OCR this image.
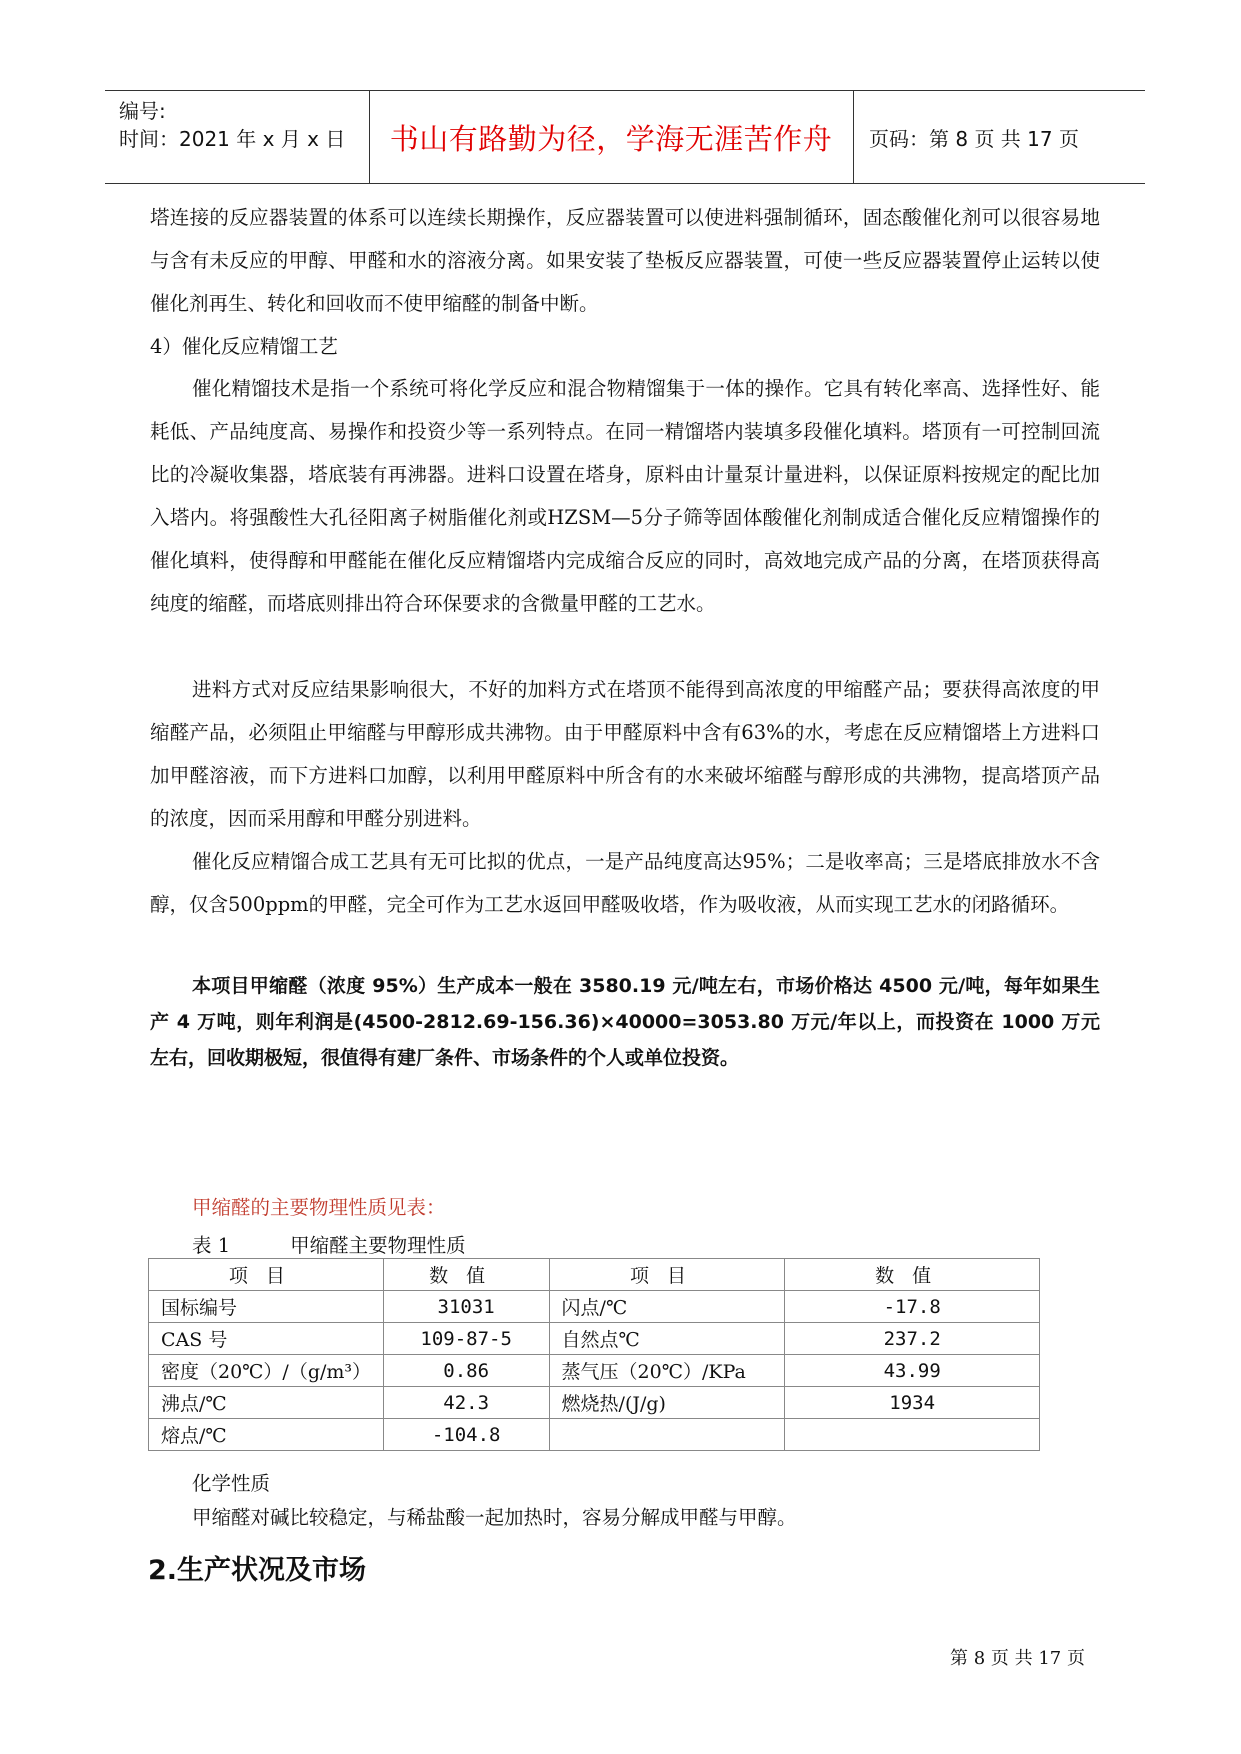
编号:
时间：2021 年 x 月 x 日	书山有路勤为径，学海无涯苦作舟	页码：第 8 页 共 17 页

塔连接的反应器装置的体系可以连续长期操作，反应器装置可以使进料强制循环，固态酸催化剂可以很容易地与含有未反应的甲醇、甲醛和水的溶液分离。如果安装了垫板反应器装置，可使一些反应器装置停止运转以使催化剂再生、转化和回收而不使甲缩醛的制备中断。

4）催化反应精馏工艺

催化精馏技术是指一个系统可将化学反应和混合物精馏集于一体的操作。它具有转化率高、选择性好、能耗低、产品纯度高、易操作和投资少等一系列特点。在同一精馏塔内装填多段催化填料。塔顶有一可控制回流比的冷凝收集器，塔底装有再沸器。进料口设置在塔身，原料由计量泵计量进料，以保证原料按规定的配比加入塔内。将强酸性大孔径阳离子树脂催化剂或HZSM—5分子筛等固体酸催化剂制成适合催化反应精馏操作的催化填料，使得醇和甲醛能在催化反应精馏塔内完成缩合反应的同时，高效地完成产品的分离，在塔顶获得高纯度的缩醛，而塔底则排出符合环保要求的含微量甲醛的工艺水。

进料方式对反应结果影响很大，不好的加料方式在塔顶不能得到高浓度的甲缩醛产品；要获得高浓度的甲缩醛产品，必须阻止甲缩醛与甲醇形成共沸物。由于甲醛原料中含有63%的水，考虑在反应精馏塔上方进料口加甲醛溶液，而下方进料口加醇，以利用甲醛原料中所含有的水来破坏缩醛与醇形成的共沸物，提高塔顶产品的浓度，因而采用醇和甲醛分别进料。

催化反应精馏合成工艺具有无可比拟的优点，一是产品纯度高达95%；二是收率高；三是塔底排放水不含醇，仅含500ppm的甲醛，完全可作为工艺水返回甲醛吸收塔，作为吸收液，从而实现工艺水的闭路循环。

本项目甲缩醛（浓度 95%）生产成本一般在 3580.19 元/吨左右，市场价格达 4500 元/吨，每年如果生产 4 万吨，则年利润是(4500-2812.69-156.36)×40000=3053.80 万元/年以上，而投资在 1000 万元左右，回收期极短，很值得有建厂条件、市场条件的个人或单位投资。

甲缩醛的主要物理性质见表：
表 1	甲缩醛主要物理性质
项目	数值	项目	数值
国标编号	31031	闪点/℃	-17.8
CAS 号	109-87-5	自然点℃	237.2
密度（20℃）/（g/m³）	0.86	蒸气压（20℃）/KPa	43.99
沸点/℃	42.3	燃烧热/(J/g)	1934
熔点/℃	-104.8		
化学性质
甲缩醛对碱比较稳定，与稀盐酸一起加热时，容易分解成甲醛与甲醇。
2.生产状况及市场
第 8 页 共 17 页
